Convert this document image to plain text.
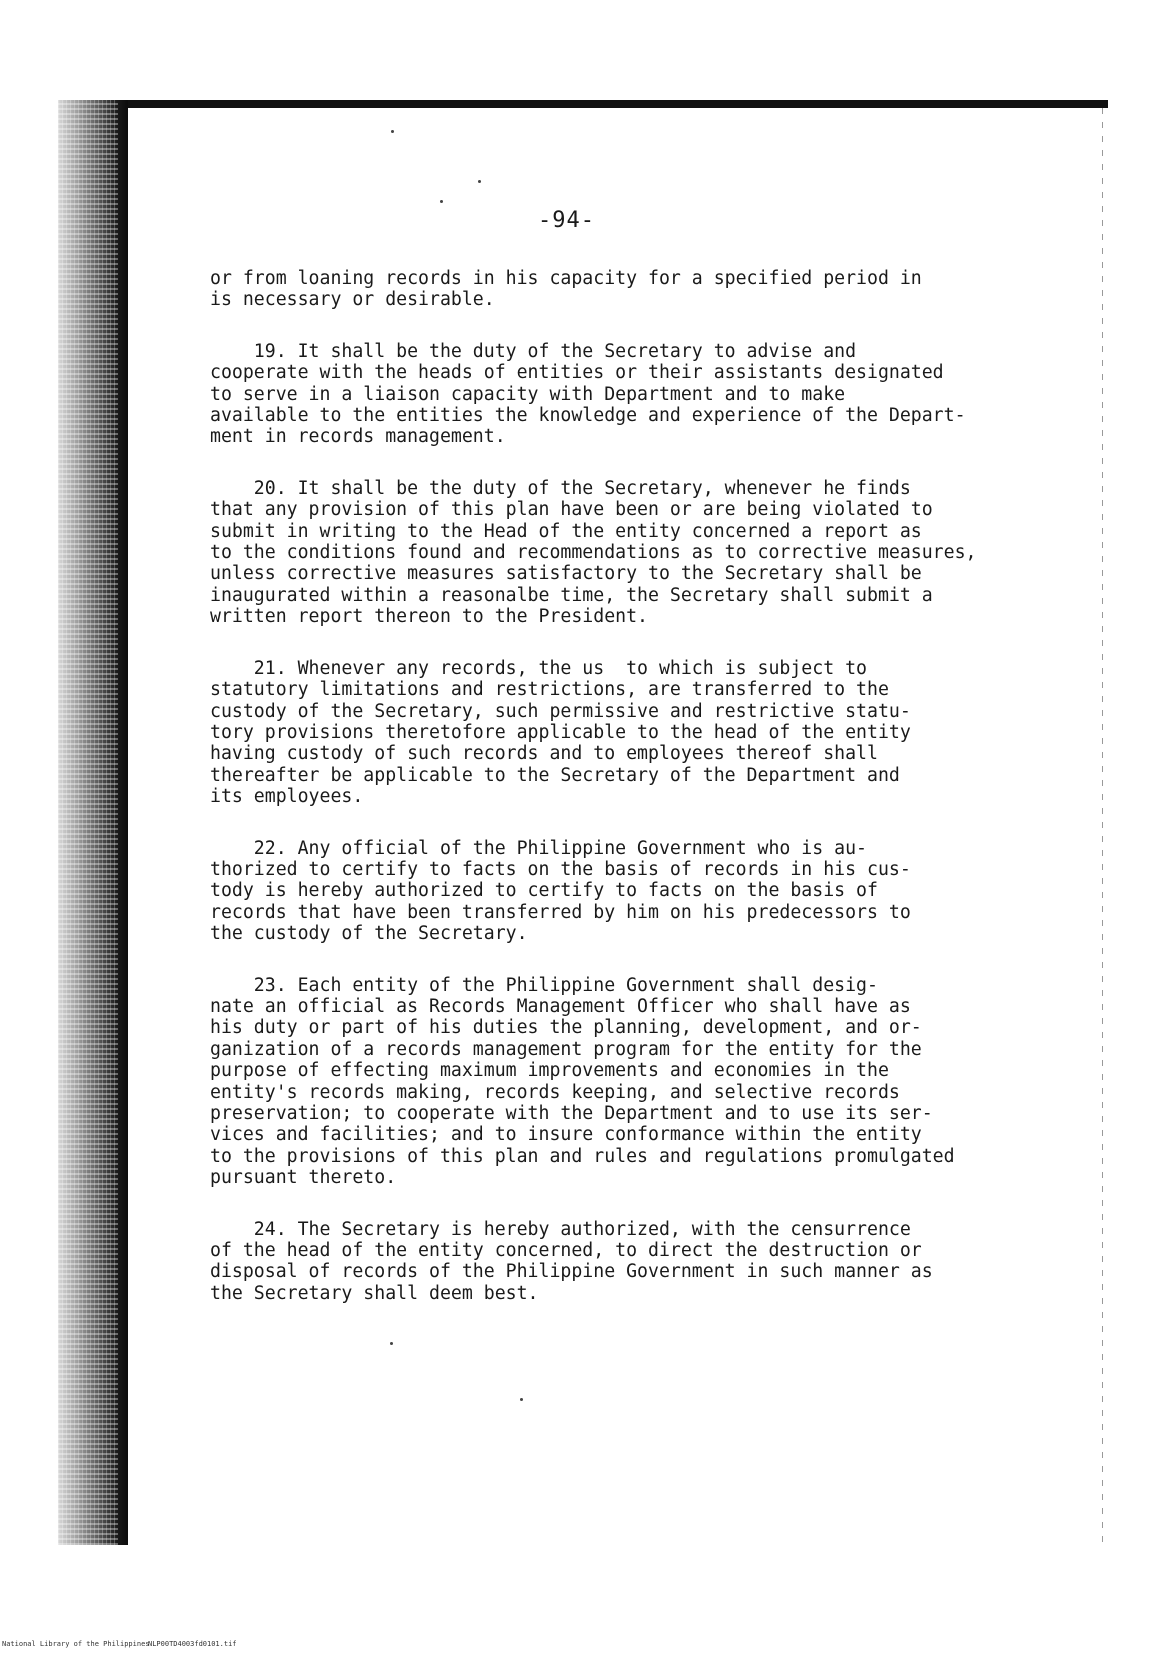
-94-
or from loaning records in his capacity for a specified period in
is necessary or desirable.
19. It shall be the duty of the Secretary to advise and
cooperate with the heads of entities or their assistants designated
to serve in a liaison capacity with Department and to make
available to the entities the knowledge and experience of the Depart-
ment in records management.
20. It shall be the duty of the Secretary, whenever he finds
that any provision of this plan have been or are being violated to
submit in writing to the Head of the entity concerned a report as
to the conditions found and recommendations as to corrective measures,
unless corrective measures satisfactory to the Secretary shall be
inaugurated within a reasonalbe time, the Secretary shall submit a
written report thereon to the President.
21. Whenever any records, the us  to which is subject to
statutory limitations and restrictions, are transferred to the
custody of the Secretary, such permissive and restrictive statu-
tory provisions theretofore applicable to the head of the entity
having custody of such records and to employees thereof shall
thereafter be applicable to the Secretary of the Department and
its employees.
22. Any official of the Philippine Government who is au-
thorized to certify to facts on the basis of records in his cus-
tody is hereby authorized to certify to facts on the basis of
records that have been transferred by him on his predecessors to
the custody of the Secretary.
23. Each entity of the Philippine Government shall desig-
nate an official as Records Management Officer who shall have as
his duty or part of his duties the planning, development, and or-
ganization of a records management program for the entity for the
purpose of effecting maximum improvements and economies in the
entity's records making, records keeping, and selective records
preservation; to cooperate with the Department and to use its ser-
vices and facilities; and to insure conformance within the entity
to the provisions of this plan and rules and regulations promulgated
pursuant thereto.
24. The Secretary is hereby authorized, with the censurrence
of the head of the entity concerned, to direct the destruction or
disposal of records of the Philippine Government in such manner as
the Secretary shall deem best.
National Library of the Philippines
NLP00TD4003fd0101.tif
